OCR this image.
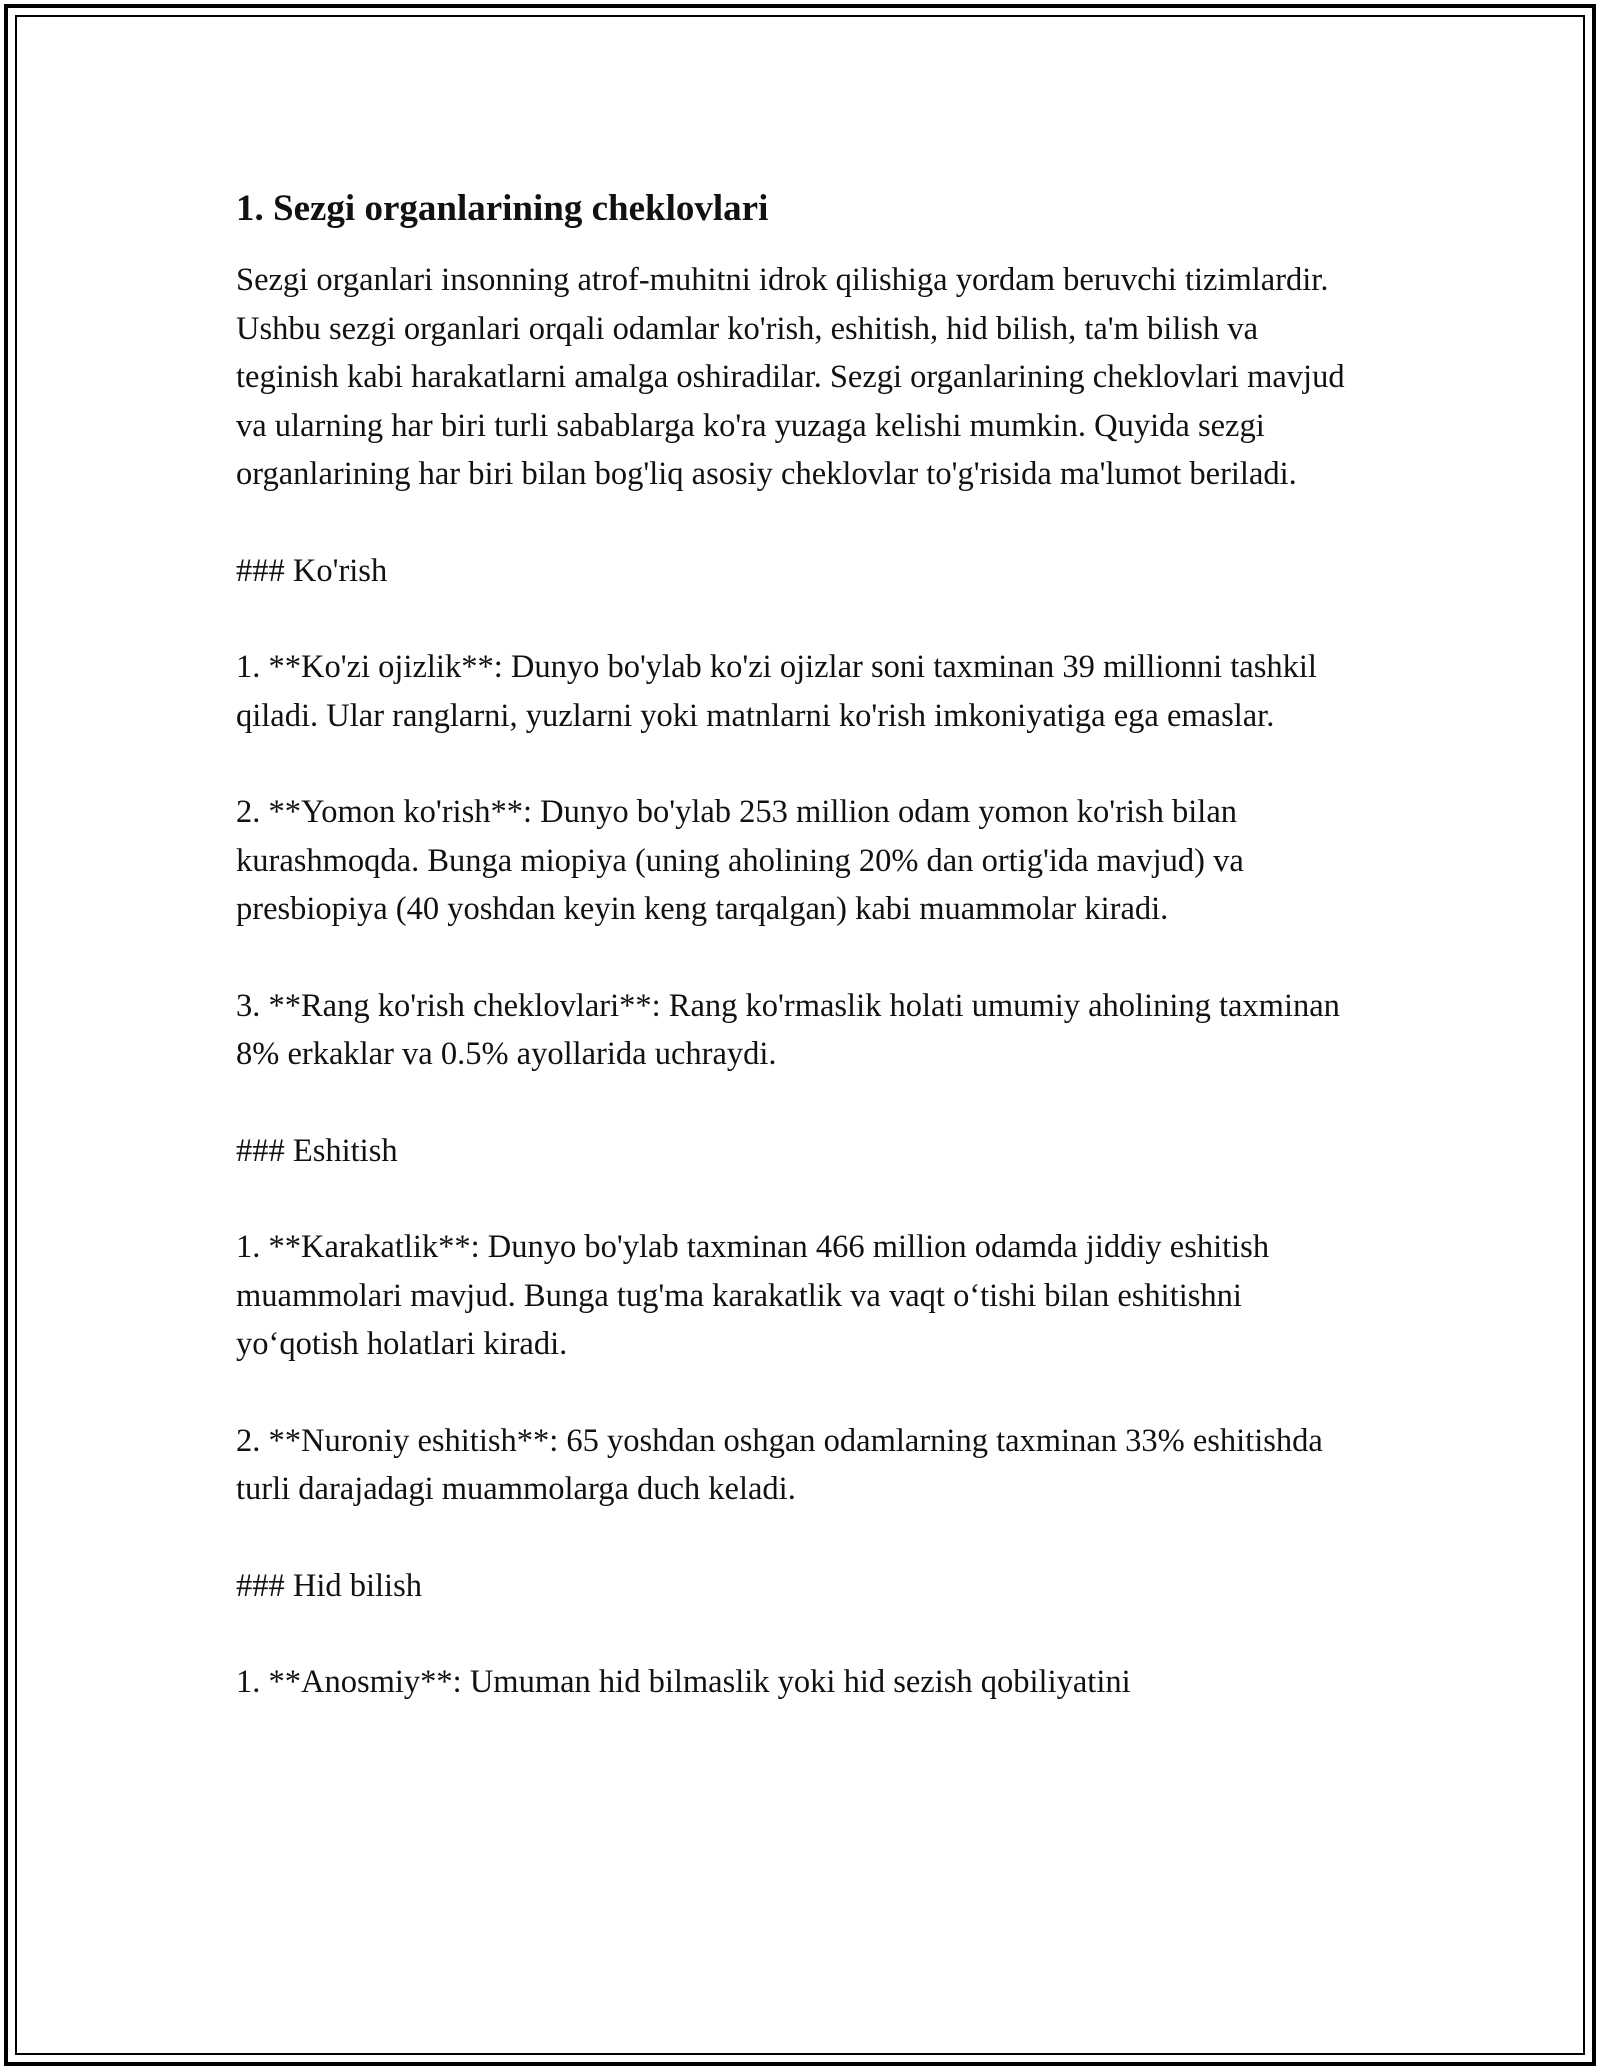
1. Sezgi organlarining cheklovlari

Sezgi organlari insonning atrof-muhitni idrok qilishiga yordam beruvchi tizimlardir. Ushbu sezgi organlari orqali odamlar ko'rish, eshitish, hid bilish, ta'm bilish va teginish kabi harakatlarni amalga oshiradilar. Sezgi organlarining cheklovlari mavjud va ularning har biri turli sabablarga ko'ra yuzaga kelishi mumkin. Quyida sezgi organlarining har biri bilan bog'liq asosiy cheklovlar to'g'risida ma'lumot beriladi.

### Ko'rish

1. **Ko'zi ojizlik**: Dunyo bo'ylab ko'zi ojizlar soni taxminan 39 millionni tashkil qiladi. Ular ranglarni, yuzlarni yoki matnlarni ko'rish imkoniyatiga ega emaslar.

2. **Yomon ko'rish**: Dunyo bo'ylab 253 million odam yomon ko'rish bilan kurashmoqda. Bunga miopiya (uning aholining 20% dan ortig'ida mavjud) va presbiopiya (40 yoshdan keyin keng tarqalgan) kabi muammolar kiradi.

3. **Rang ko'rish cheklovlari**: Rang ko'rmaslik holati umumiy aholining taxminan 8% erkaklar va 0.5% ayollarida uchraydi.

### Eshitish

1. **Karakatlik**: Dunyo bo'ylab taxminan 466 million odamda jiddiy eshitish muammolari mavjud. Bunga tug'ma karakatlik va vaqt o‘tishi bilan eshitishni yo‘qotish holatlari kiradi.

2. **Nuroniy eshitish**: 65 yoshdan oshgan odamlarning taxminan 33% eshitishda turli darajadagi muammolarga duch keladi.

### Hid bilish

1. **Anosmiy**: Umuman hid bilmaslik yoki hid sezish qobiliyatini
